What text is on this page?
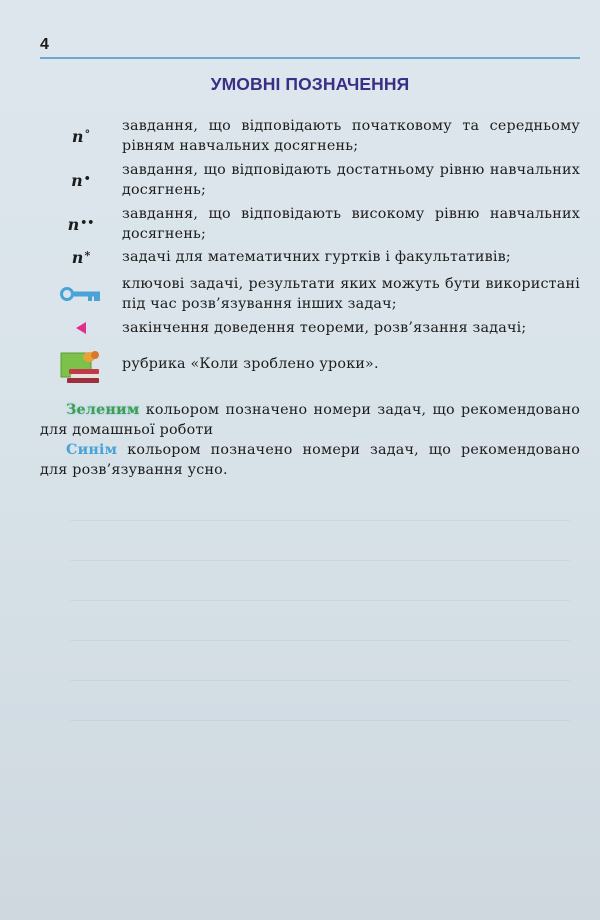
4
УМОВНІ ПОЗНАЧЕННЯ
n° завдання, що відповідають початковому та середньому рівням навчальних досягнень;
n• завдання, що відповідають достатньому рівню навчальних досягнень;
n•• завдання, що відповідають високому рівню навчальних досягнень;
n* задачі для математичних гуртків і факультативів;
ключові задачі, результати яких можуть бути використані під час розв’язування інших задач;
закінчення доведення теореми, розв’язання задачі;
рубрика «Коли зроблено уроки».

Зеленим кольором позначено номери задач, що рекомендовано для домашньої роботи

Синім кольором позначено номери задач, що рекомендовано для розв’язування усно.
